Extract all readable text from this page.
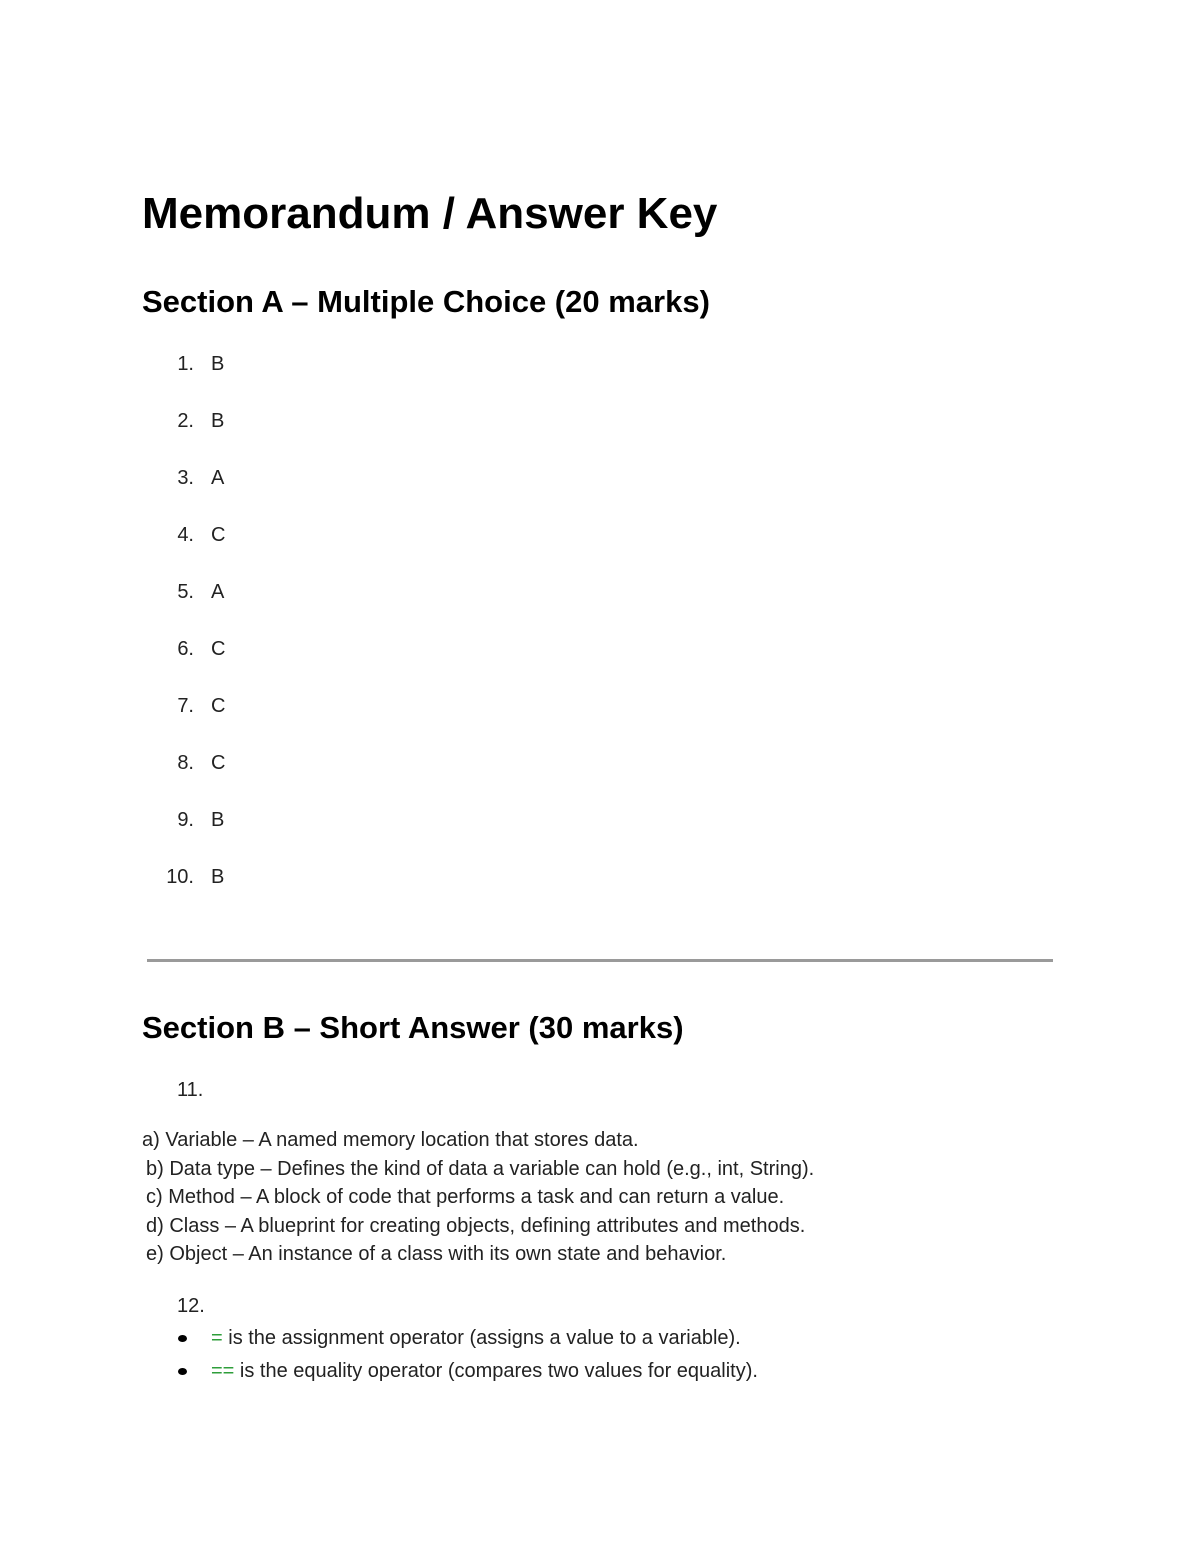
Memorandum / Answer Key
Section A – Multiple Choice (20 marks)
1. B
2. B
3. A
4. C
5. A
6. C
7. C
8. C
9. B
10. B
Section B – Short Answer (30 marks)
11.
a) Variable – A named memory location that stores data.
b) Data type – Defines the kind of data a variable can hold (e.g., int, String).
c) Method – A block of code that performs a task and can return a value.
d) Class – A blueprint for creating objects, defining attributes and methods.
e) Object – An instance of a class with its own state and behavior.
12.
= is the assignment operator (assigns a value to a variable).
== is the equality operator (compares two values for equality).
